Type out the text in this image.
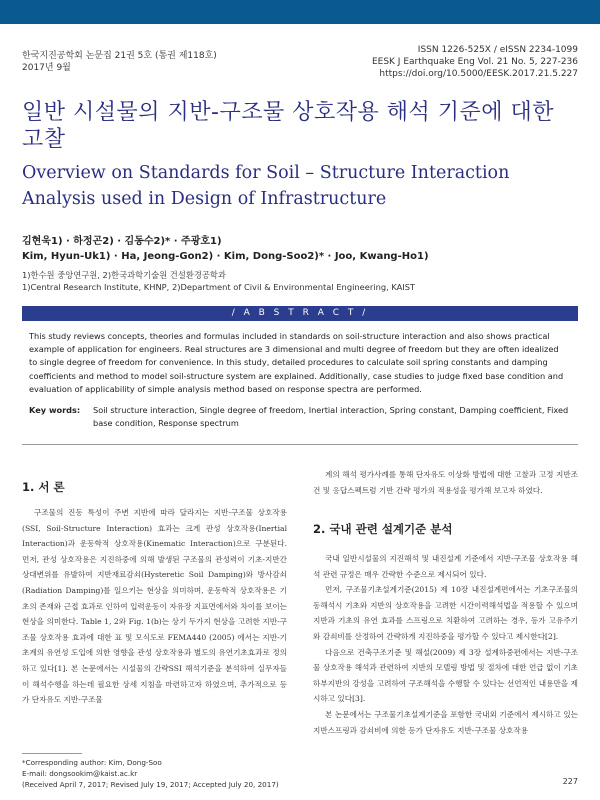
한국지진공학회 논문집 21권 5호 (통권 제118호)
2017년 9월
ISSN 1226-525X / eISSN 2234-1099
EESK J Earthquake Eng Vol. 21 No. 5, 227-236
https://doi.org/10.5000/EESK.2017.21.5.227
일반 시설물의 지반-구조물 상호작용 해석 기준에 대한 고찰
Overview on Standards for Soil – Structure Interaction Analysis used in Design of Infrastructure
김현욱1) · 하정곤2) · 김동수2)* · 주광호1)
Kim, Hyun-Uk1) · Ha, Jeong-Gon2) · Kim, Dong-Soo2)* · Joo, Kwang-Ho1)
1)한수원 중앙연구원, 2)한국과학기술원 건설환경공학과
1)Central Research Institute, KHNP, 2)Department of Civil & Environmental Engineering, KAIST
/ A B S T R A C T /
This study reviews concepts, theories and formulas included in standards on soil-structure interaction and also shows practical example of application for engineers. Real structures are 3 dimensional and multi degree of freedom but they are often idealized to single degree of freedom for convenience. In this study, detailed procedures to calculate soil spring constants and damping coefficients and method to model soil-structure system are explained. Additionally, case studies to judge fixed base condition and evaluation of applicability of simple analysis method based on response spectra are performed.
Key words:	Soil structure interaction, Single degree of freedom, Inertial interaction, Spring constant, Damping coefficient, Fixed base condition, Response spectrum
1. 서 론

구조물의 진동 특성이 주변 지반에 따라 달라지는 지반-구조물 상호작용(SSI, Soil-Structure Interaction) 효과는 크게 관성 상호작용(Inertial Interaction)과 운동학적 상호작용(Kinematic Interaction)으로 구분된다. 먼저, 관성 상호작용은 지진하중에 의해 발생된 구조물의 관성력이 기초-지반간 상대변위를 유발하여 지반재료감쇠(Hysteretic Soil Damping)와 방사감쇠(Radiation Damping)를 일으키는 현상을 의미하며, 운동학적 상호작용은 기초의 존재와 근접 효과로 인하여 입력운동이 자유장 지표면에서와 차이를 보이는 현상을 의미한다. Table 1, 2와 Fig. 1(b)는 상기 두가지 현상을 고려한 지반-구조물 상호작용 효과에 대한 표 및 모식도로 FEMA440 (2005) 에서는 지반-기초계의 유연성 도입에 의한 영향을 관성 상호작용과 별도의 유연기초효과로 정의하고 있다[1]. 본 논문에서는 시설물의 간략SSI 해석기준을 분석하여 실무자들이 해석수행을 하는데 필요한 상세 지침을 마련하고자 하였으며, 추가적으로 등가 단자유도 지반-구조물

계의 해석 평가사례를 통해 단자유도 이상화 방법에 대한 고찰과 고정 지반조건 및 응답스펙트럼 기반 간략 평가의 적용성을 평가해 보고자 하였다.

2. 국내 관련 설계기준 분석

국내 일반시설물의 지진해석 및 내진설계 기준에서 지반-구조물 상호작용 해석 관련 규정은 매우 간략한 수준으로 제시되어 있다.

먼저, 구조물기초설계기준(2015) 제 10장 내진설계편에서는 기초구조물의 동해석시 기초와 지반의 상호작용을 고려한 시간이력해석법을 적용할 수 있으며 지반과 기초의 유연 효과를 스프링으로 치환하여 고려하는 경우, 등가 고유주기와 감쇠비를 산정하여 간략하게 지진하중을 평가할 수 있다고 제시한다[2].

다음으로 건축구조기준 및 해설(2009) 제 3장 설계하중편에서는 지반-구조물 상호작용 해석과 관련하여 지반의 모델링 방법 및 절차에 대한 언급 없이 기초 하부지반의 강성을 고려하여 구조해석을 수행할 수 있다는 선언적인 내용만을 제시하고 있다[3].

본 논문에서는 구조물기초설계기준을 포함한 국내외 기준에서 제시하고 있는 지반스프링과 감쇠비에 의한 등가 단자유도 지반-구조물 상호작용

*Corresponding author: Kim, Dong-Soo
E-mail: dongsookim@kaist.ac.kr
(Received April 7, 2017; Revised July 19, 2017; Accepted July 20, 2017)	227
